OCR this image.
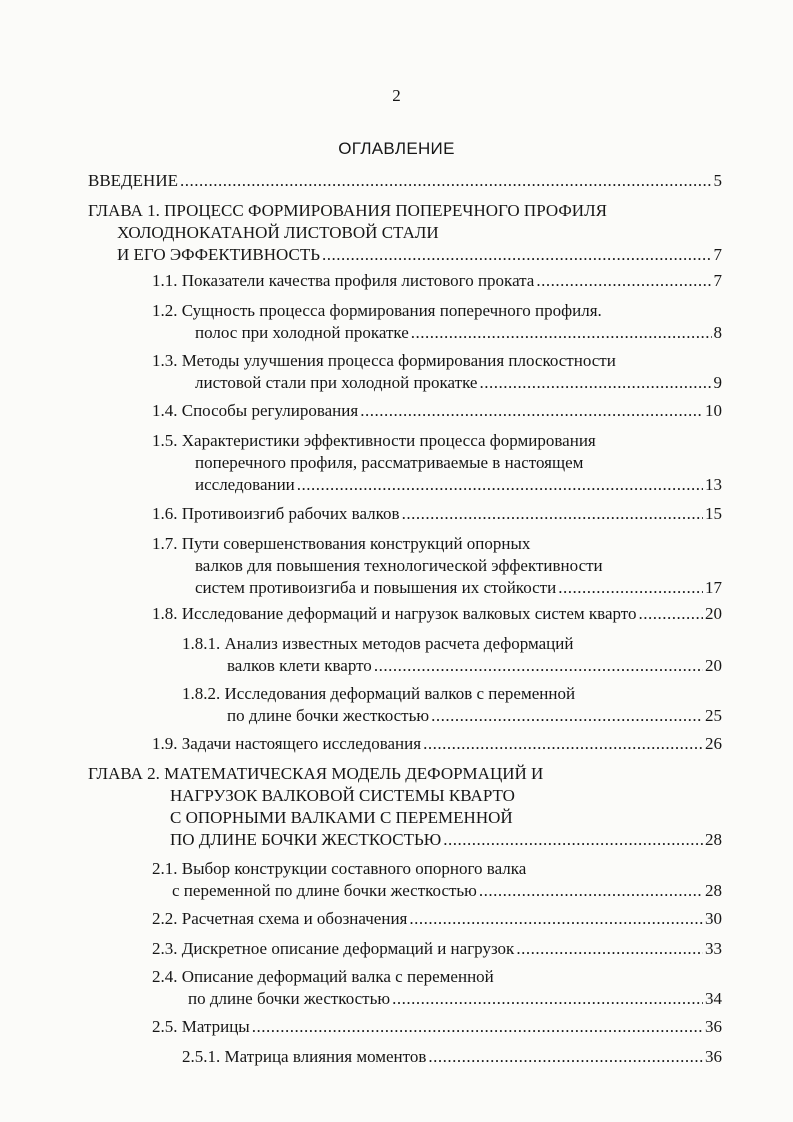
2
ОГЛАВЛЕНИЕ
ВВЕДЕНИЕ .....	5
ГЛАВА 1. ПРОЦЕСС ФОРМИРОВАНИЯ ПОПЕРЕЧНОГО ПРОФИЛЯ
ХОЛОДНОКАТАНОЙ ЛИСТОВОЙ СТАЛИ
И ЕГО ЭФФЕКТИВНОСТЬ .....	7
1.1. Показатели качества профиля листового проката .....	7
1.2. Сущность процесса формирования поперечного профиля.
полос при холодной прокатке .....	8
1.3. Методы улучшения процесса формирования плоскостности
листовой стали при холодной прокатке .....	9
1.4. Способы регулирования .....	10
1.5. Характеристики эффективности процесса формирования
поперечного профиля, рассматриваемые в настоящем
исследовании .....	13
1.6. Противоизгиб рабочих валков .....	15
1.7. Пути совершенствования конструкций опорных
валков для повышения технологической эффективности
систем противоизгиба и повышения их стойкости .....	17
1.8. Исследование деформаций и нагрузок валковых систем кварто .....	20
1.8.1. Анализ известных методов расчета деформаций
валков клети кварто .....	20
1.8.2. Исследования деформаций валков с переменной
по длине бочки жесткостью .....	25
1.9. Задачи настоящего исследования .....	26
ГЛАВА 2. МАТЕМАТИЧЕСКАЯ МОДЕЛЬ ДЕФОРМАЦИЙ И
НАГРУЗОК ВАЛКОВОЙ СИСТЕМЫ КВАРТО
С ОПОРНЫМИ ВАЛКАМИ С ПЕРЕМЕННОЙ
ПО ДЛИНЕ БОЧКИ ЖЕСТКОСТЬЮ .....	28
2.1. Выбор конструкции составного опорного валка
с переменной по длине бочки жесткостью .....	28
2.2. Расчетная схема и обозначения .....	30
2.3. Дискретное описание деформаций и нагрузок .....	33
2.4. Описание деформаций валка с переменной
по длине бочки жесткостью .....	34
2.5. Матрицы .....	36
2.5.1. Матрица влияния моментов .....	36
